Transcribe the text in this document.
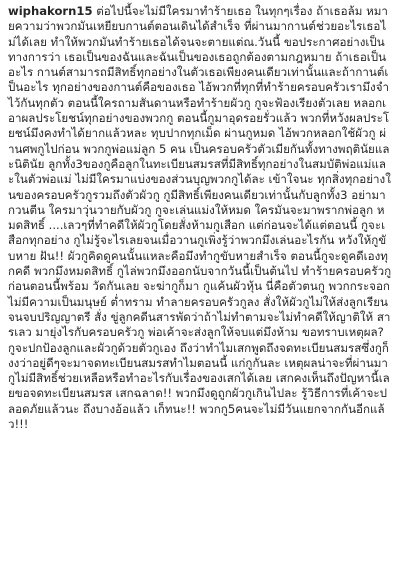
wiphakorn15 ต่อไปนี้จะไม่มีใครมาทำร้ายเธอ ในทุกๆเรื่อง ถ้าเธอล้ม หมายความว่าพวกมันเหยียบกานต์ตอนเดินได้สำเร็จ ที่ผ่านมากานต์ช่วยอะไรเธอไม่ได้เลย ทำให้พวกมันทำร้ายเธอได้จนจะตายแต่ณ.วันนี้ ขอประกาศอย่างเป็นทางการว่า เธอเป็นของฉันและฉันเป็นของเธอถูกต้องตามกฎหมาย ถ้าเธอเป็นอะไร กานต์สามารถมีสิทธิ์ทุกอย่างในตัวเธอเพียงคนเดียวเท่านั้นและถ้ากานต์เป็นอะไร ทุกอย่างของกานต์คือของเธอ ไอ้พวกที่ทุกที่ทำร้ายครอบครัวเรามึงจำไว้กันทุกตัว ตอนนี้ใครถามสันดานหรือทำร้ายผัวกู กูจะฟ้องเรียงตัวเลย หลอกเอาผลประโยชน์ทุกอย่างของพวกกู ตอนนี้กูมาอุดรอยรั่วแล้ว พวกที่หวังผลประโยชน์มึงคงทำได้ยากแล้วหละ ทุบปากทุกเม็ด ผ่านกูหมด ไอ้พวกหลอกใช้ผัวกู ผ่านศพกูไปก่อน พวกกูพ่อแม่ลูก 5 คน เป็นครอบครัวตัวเมียกันทั้งทางพฤตินัยและนิตินัย ลูกทั้ง3ของกูคือลูกในทะเบียนสมรสที่มีสิทธิ์ทุกอย่างในสมบัติพ่อแม่และในตัวพ่อแม่ ไม่มีใครมาแบ่งของส่วนบุญพวกกูได้ละ เข้าใจนะ ทุกสิ่งทุกอย่างในของครอบครัวกูรวมถึงตัวผัวกู กูมีสิทธิ์เพียงคนเดียวเท่านั้นกับลูกทั้ง3 อย่ามากวนตีน ใครมาวุ่นวายกับผัวกู กูจะเล่นแม่งให้หมด ใครมันจะมาพรากพ่อลูก หมดสิทธิ์ ....เลวๆที่ทำคดีให้ผัวกูโดยสั่งห้ามกูเสือก แต่ก่อนจะได้แต่ตอนนี้ กูจะเสือกทุกอย่าง กูไม่รู้จะไรเลยจนเมื่อวานกูเพิ่งรู้ว่าพวกมึงเล่นอะไรกัน หวังให้กูขับหาย ฝัน!! ผัวกูคิดดูคนนั้นแหละคือมึงทำกูขับหายสำเร็จ ตอนนี้กูจะดูคดีเองทุกคดี พวกมึงหมดสิทธิ์ กูไล่พวกมึงออกนับจากวันนี้เป็นต้นไป ทำร้ายครอบครัวกูก่อนตอนนี้พร้อม วัดกันเลย จะฆ่ากูก็มา กูแค้นผัวหุ้น นี่คือตัวตนกู พวกกระจอก ไม่มีความเป็นมนุษย์ ต่ำทราม ทำลายครอบครัวกูลง สั่งให้ผัวกูไม่ให้ส่งลูกเรียนจนจบปริญญาตรี สั่ง ขู่ลูกคดีนสารพัดว่าถ้าไม่ทำตามจะไม่ทำคดีให้ญาติให้ สารเลว มายุ่งไรกับครอบครัวกู พ่อเค้าจะส่งลูกให้จบแต่มึงห้าม ขอทราบเหตุผล? กูจะปกป้องลูกและผัวกูด้วยตัวกูเอง ถึงว่าทำไมเสกพูดถึงจดทะเบียนสมรสซึ่งกูก็งงว่าอยู่ดีๆจะมาจดทะเบียนสมรสทำไมตอนนี้ แก่กูกันละ เหตุผลน่าจะที่ผ่านมา กูไม่มีสิทธิ์ช่วยเหลือหรือทำอะไรกับเรื่องของเสกได้เลย เสกคงเห็นถึงปัญหานี้เลยขอจดทะเบียนสมรส เสกฉลาด!! พวกมึงดูถูกผัวกูเกินไปละ รู้วิธีการที่เค้าจะปลอดภัยแล้วนะ ถึงบางอ้อแล้ว เก็ทนะ!! พวกกู5คนจะไม่มีวันแยกจากกันอีกแล้ว!!!
